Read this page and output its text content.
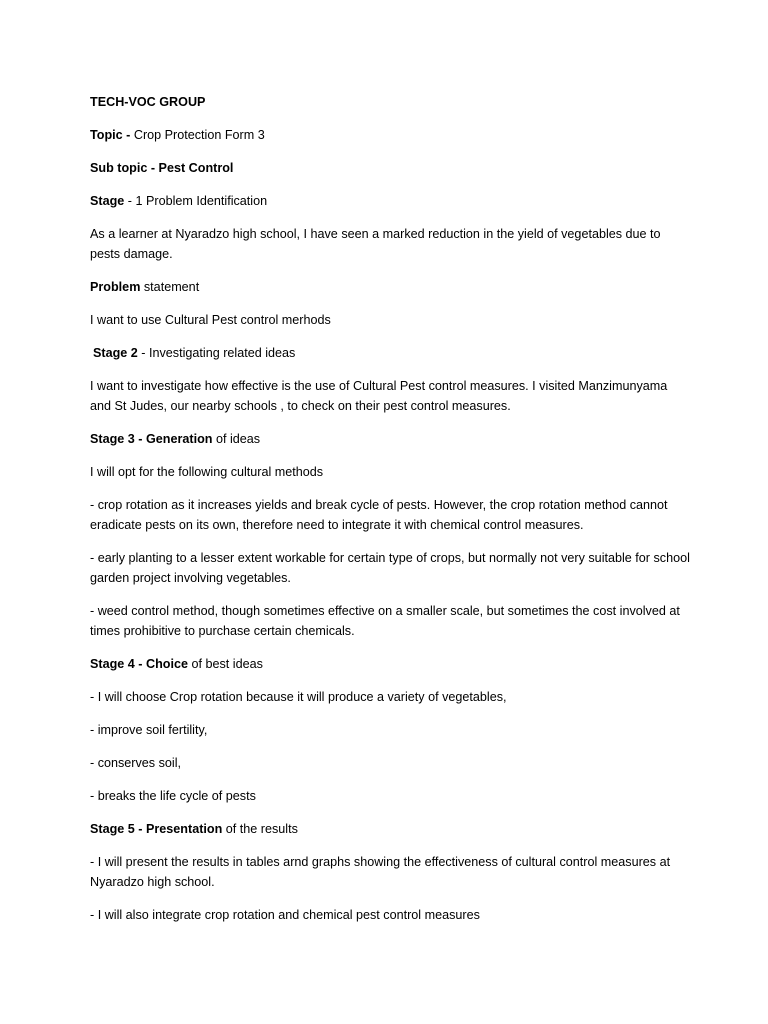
TECH-VOC GROUP

Topic - Crop Protection Form 3

Sub topic - Pest Control

Stage - 1 Problem Identification

As a learner at Nyaradzo high school, I have seen a marked reduction in the yield of vegetables due to pests damage.

Problem statement

I want to use Cultural Pest control merhods

Stage 2 - Investigating related ideas

I want to investigate how effective is the use of Cultural Pest control measures. I visited Manzimunyama and St Judes, our nearby schools , to check on their pest control measures.

Stage 3 - Generation of ideas

I will opt for the following cultural methods

- crop rotation as it increases yields and break cycle of pests. However, the crop rotation method cannot eradicate pests on its own, therefore need to integrate it with chemical control measures.

- early planting to a lesser extent workable for certain type of crops, but normally not very suitable for school garden project involving vegetables.

- weed control method, though sometimes effective on a smaller scale, but sometimes the cost involved at times prohibitive to purchase certain chemicals.

Stage 4 - Choice of best ideas

- I will choose Crop rotation because it will produce a variety of vegetables,

- improve soil fertility,

- conserves soil,

- breaks the life cycle of pests

Stage 5 - Presentation of the results

- I will present the results in tables arnd graphs showing the effectiveness of cultural control measures at Nyaradzo high school.

- I will also integrate crop rotation and chemical pest control measures
